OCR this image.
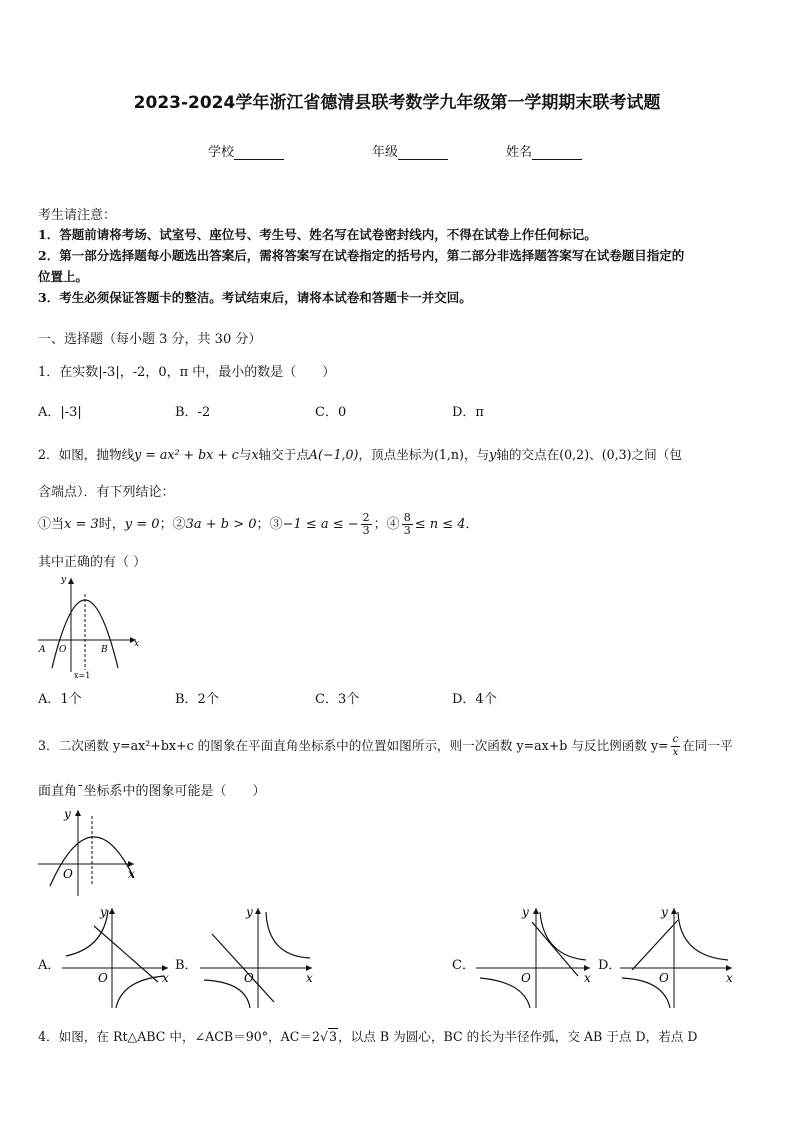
2023-2024学年浙江省德清县联考数学九年级第一学期期末联考试题
学校	年级	姓名
考生请注意：
1．答题前请将考场、试室号、座位号、考生号、姓名写在试卷密封线内，不得在试卷上作任何标记。
2．第一部分选择题每小题选出答案后，需将答案写在试卷指定的括号内，第二部分非选择题答案写在试卷题目指定的
位置上。
3．考生必须保证答题卡的整洁。考试结束后，请将本试卷和答题卡一并交回。
一、选择题（每小题 3 分，共 30 分）
1．在实数|-3|，-2，0，π 中，最小的数是（　　）
A．|-3|	B．-2	C．0	D．π
2．如图，抛物线y = ax² + bx + c与x轴交于点A(−1,0)，顶点坐标为(1,n)，与y轴的交点在(0,2)、(0,3)之间（包
含端点）．有下列结论：
①当x = 3时，y = 0；②3a + b > 0；③−1 ≤ a ≤ − $\frac{2}{3}$ ；④ $\frac{8}{3} \le n \le 4$．
其中正确的有（ ）
y
x
A O	B
x=1
A．1个	B．2个	C．3个	D．4个
3．二次函数 y=ax²+bx+c 的图象在平面直角坐标系中的位置如图所示，则一次函数 y=ax+b 与反比例函数 $y= \frac{c}{x}$ 在同一平
面直角ˉ坐标系中的图象可能是（　　）
y
x
O
A．
y
x
O
B．
y
x
O
C．
y
x
O
D．
y
x
O
4．如图，在 Rt△ABC 中，∠ACB＝90°，AC＝2√3，以点 B 为圆心，BC 的长为半径作弧，交 AB 于点 D，若点 D
